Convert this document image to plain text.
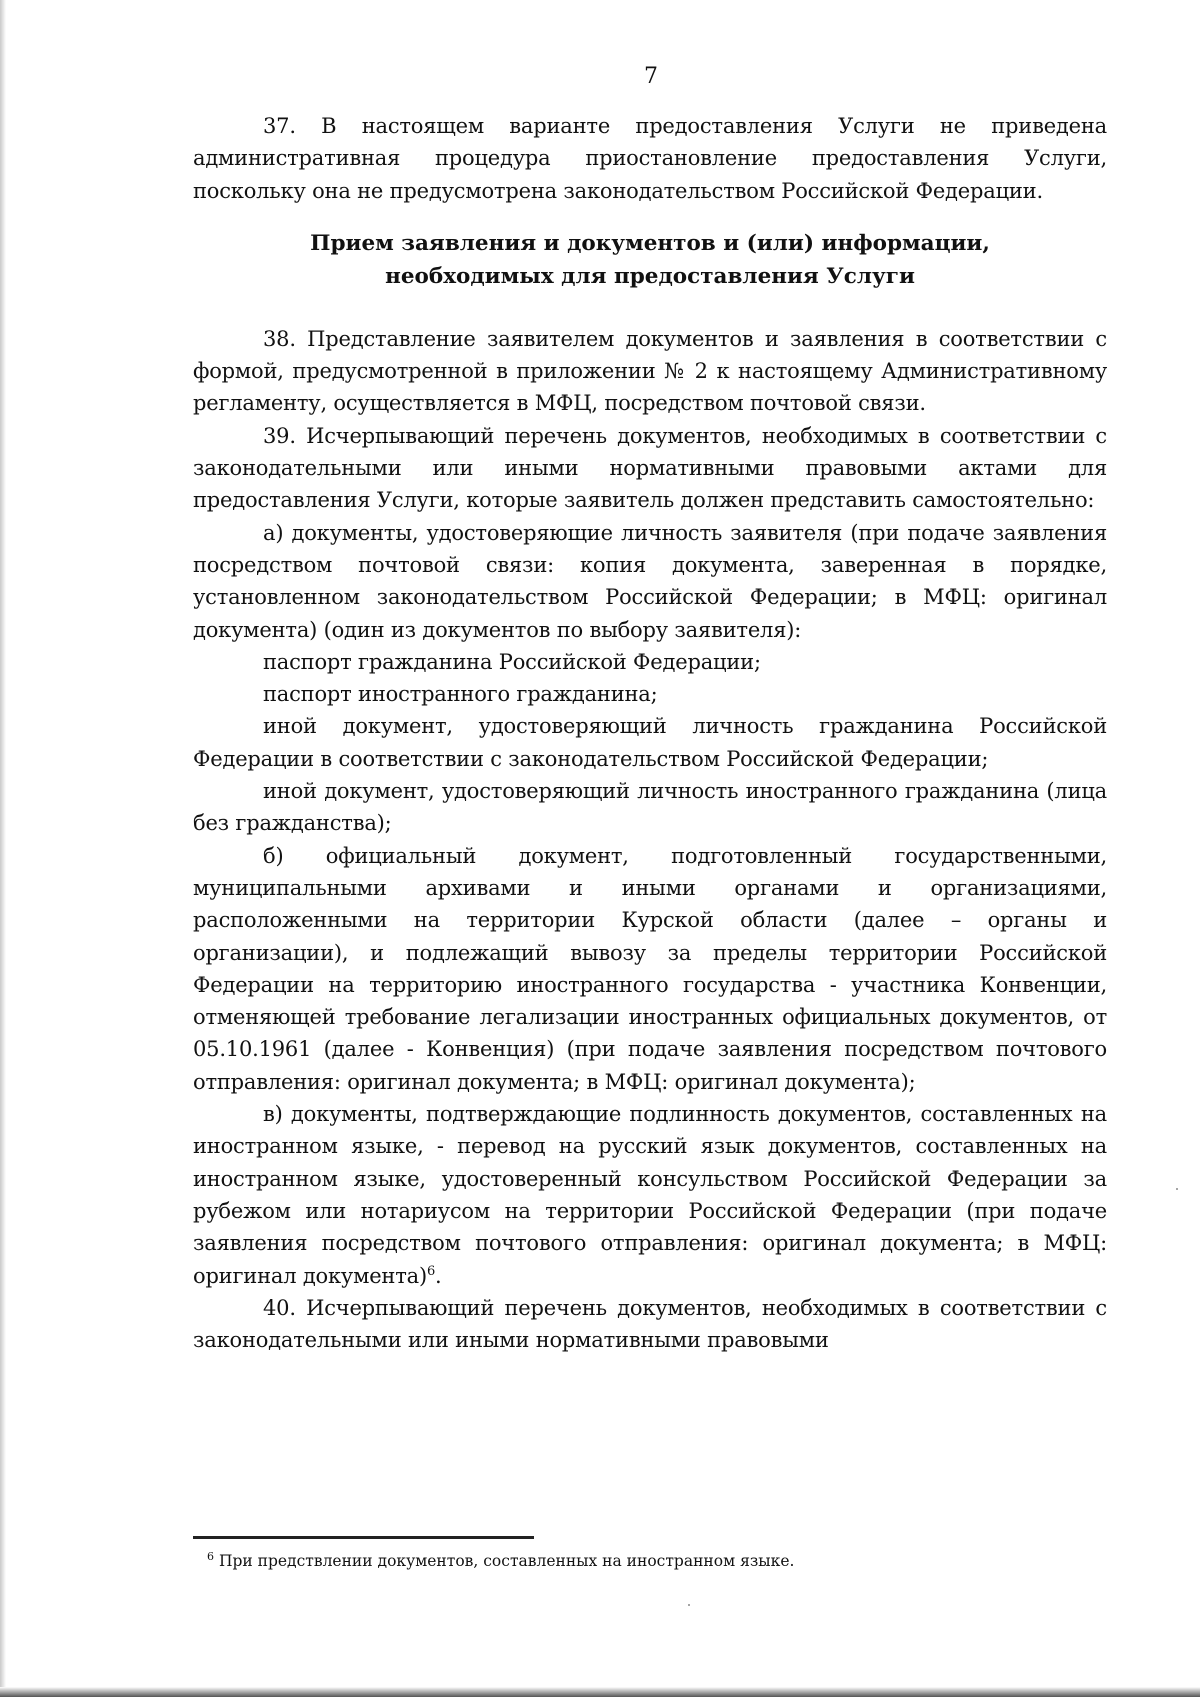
7

37. В настоящем варианте предоставления Услуги не приведена административная процедура приостановление предоставления Услуги, поскольку она не предусмотрена законодательством Российской Федерации.

Прием заявления и документов и (или) информации,
необходимых для предоставления Услуги

38. Представление заявителем документов и заявления в соответствии с формой, предусмотренной в приложении № 2 к настоящему Административному регламенту, осуществляется в МФЦ, посредством почтовой связи.

39. Исчерпывающий перечень документов, необходимых в соответствии с законодательными или иными нормативными правовыми актами для предоставления Услуги, которые заявитель должен представить самостоятельно:

а) документы, удостоверяющие личность заявителя (при подаче заявления посредством почтовой связи: копия документа, заверенная в порядке, установленном законодательством Российской Федерации; в МФЦ: оригинал документа) (один из документов по выбору заявителя):

паспорт гражданина Российской Федерации;

паспорт иностранного гражданина;

иной документ, удостоверяющий личность гражданина Российской Федерации в соответствии с законодательством Российской Федерации;

иной документ, удостоверяющий личность иностранного гражданина (лица без гражданства);

б) официальный документ, подготовленный государственными, муниципальными архивами и иными органами и организациями, расположенными на территории Курской области (далее – органы и организации), и подлежащий вывозу за пределы территории Российской Федерации на территорию иностранного государства - участника Конвенции, отменяющей требование легализации иностранных официальных документов, от 05.10.1961 (далее - Конвенция) (при подаче заявления посредством почтового отправления: оригинал документа; в МФЦ: оригинал документа);

в) документы, подтверждающие подлинность документов, составленных на иностранном языке, - перевод на русский язык документов, составленных на иностранном языке, удостоверенный консульством Российской Федерации за рубежом или нотариусом на территории Российской Федерации (при подаче заявления посредством почтового отправления: оригинал документа; в МФЦ: оригинал документа)$^6$.

40. Исчерпывающий перечень документов, необходимых в соответствии с законодательными или иными нормативными правовыми

$^6$ При предствлении документов, составленных на иностранном языке.
